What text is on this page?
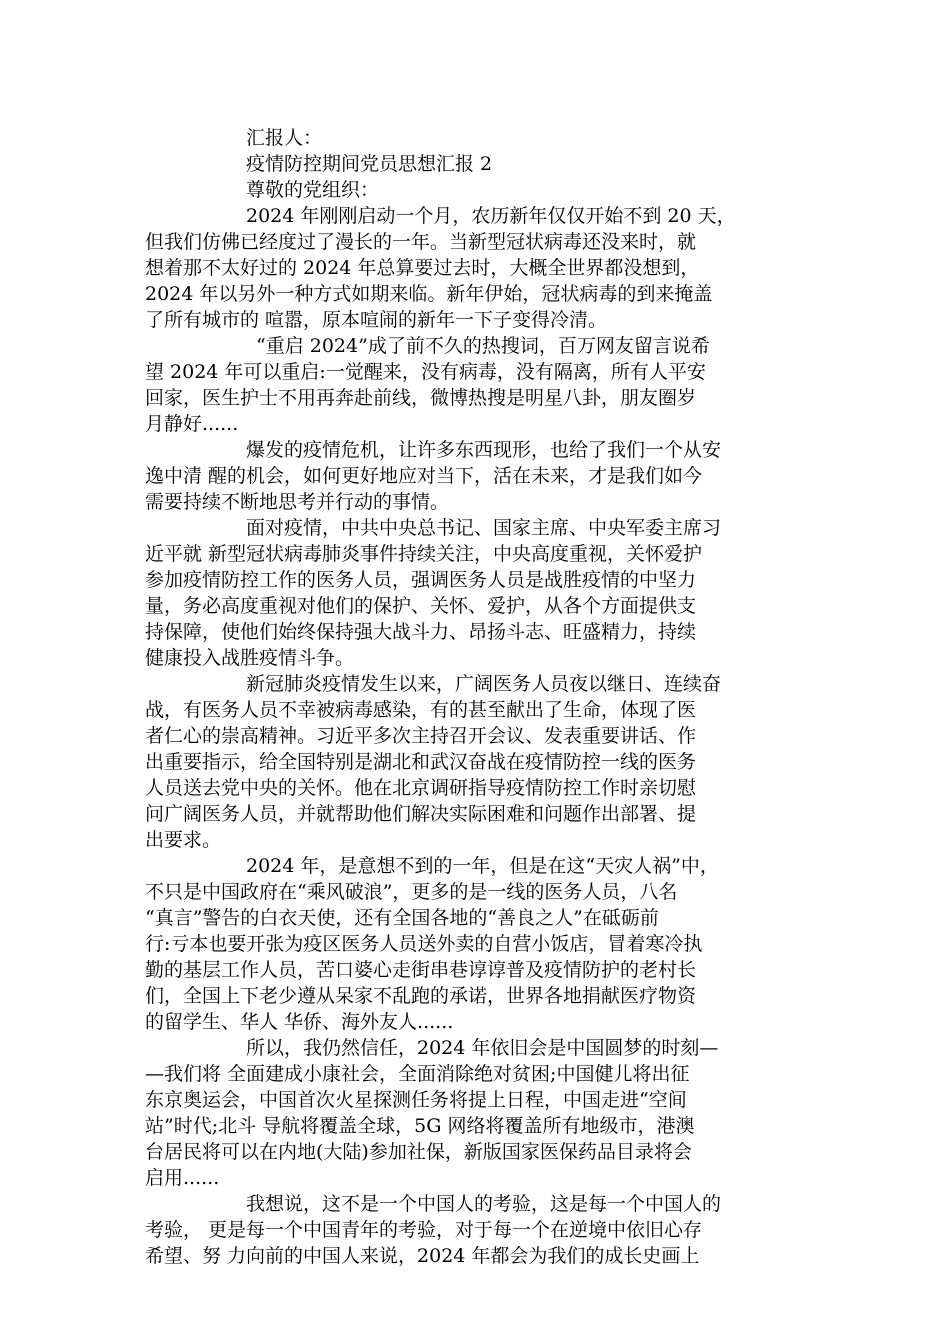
汇报人：
疫情防控期间党员思想汇报 2
尊敬的党组织：
2024 年刚刚启动一个月，农历新年仅仅开始不到 20 天，
但我们仿佛已经度过了漫长的一年。当新型冠状病毒还没来时，就
想着那不太好过的 2024 年总算要过去时，大概全世界都没想到，
2024 年以另外一种方式如期来临。新年伊始，冠状病毒的到来掩盖
了所有城市的 喧嚣，原本喧闹的新年一下子变得冷清。
“重启 2024”成了前不久的热搜词，百万网友留言说希
望 2024 年可以重启:一觉醒来，没有病毒，没有隔离，所有人平安
回家，医生护士不用再奔赴前线，微博热搜是明星八卦，朋友圈岁
月静好......
爆发的疫情危机，让许多东西现形，也给了我们一个从安
逸中清 醒的机会，如何更好地应对当下，活在未来，才是我们如今
需要持续不断地思考并行动的事情。
面对疫情，中共中央总书记、国家主席、中央军委主席习
近平就 新型冠状病毒肺炎事件持续关注，中央高度重视，关怀爱护
参加疫情防控工作的医务人员，强调医务人员是战胜疫情的中坚力
量，务必高度重视对他们的保护、关怀、爱护，从各个方面提供支
持保障，使他们始终保持强大战斗力、昂扬斗志、旺盛精力，持续
健康投入战胜疫情斗争。
新冠肺炎疫情发生以来，广阔医务人员夜以继日、连续奋
战，有医务人员不幸被病毒感染，有的甚至献出了生命，体现了医
者仁心的崇高精神。习近平多次主持召开会议、发表重要讲话、作
出重要指示，给全国特别是湖北和武汉奋战在疫情防控一线的医务
人员送去党中央的关怀。他在北京调研指导疫情防控工作时亲切慰
问广阔医务人员，并就帮助他们解决实际困难和问题作出部署、提
出要求。
2024 年，是意想不到的一年，但是在这“天灾人祸”中，
不只是中国政府在“乘风破浪”，更多的是一线的医务人员，八名
“真言”警告的白衣天使，还有全国各地的“善良之人”在砥砺前
行:亏本也要开张为疫区医务人员送外卖的自营小饭店，冒着寒冷执
勤的基层工作人员，苦口婆心走街串巷谆谆普及疫情防护的老村长
们，全国上下老少遵从呆家不乱跑的承诺，世界各地捐献医疗物资
的留学生、华人 华侨、海外友人......
所以，我仍然信任，2024 年依旧会是中国圆梦的时刻—
—我们将 全面建成小康社会，全面消除绝对贫困;中国健儿将出征
东京奥运会，中国首次火星探测任务将提上日程，中国走进“空间
站”时代;北斗 导航将覆盖全球，5G 网络将覆盖所有地级市，港澳
台居民将可以在内地(大陆)参加社保，新版国家医保药品目录将会
启用......
我想说，这不是一个中国人的考验，这是每一个中国人的
考验， 更是每一个中国青年的考验，对于每一个在逆境中依旧心存
希望、努 力向前的中国人来说，2024 年都会为我们的成长史画上
